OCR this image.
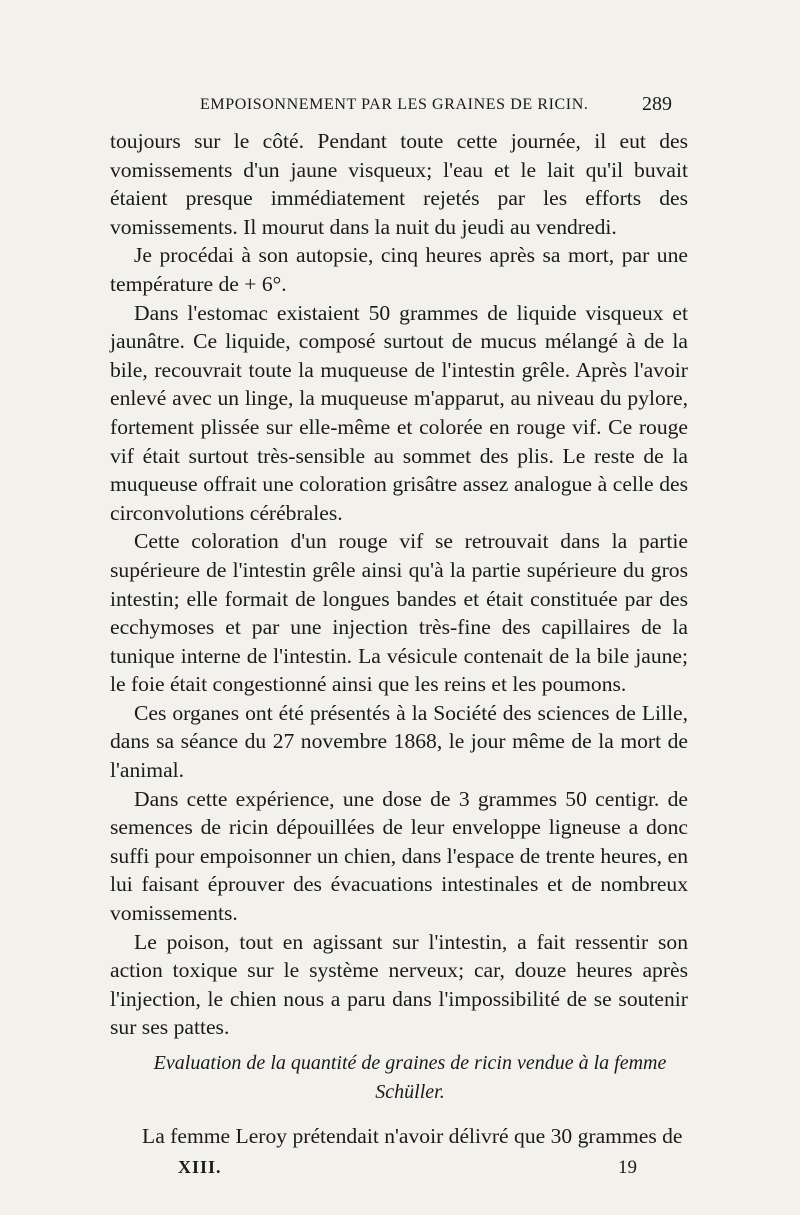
EMPOISONNEMENT PAR LES GRAINES DE RICIN.	289

toujours sur le côté. Pendant toute cette journée, il eut des vomissements d'un jaune visqueux; l'eau et le lait qu'il buvait étaient presque immédiatement rejetés par les efforts des vomissements. Il mourut dans la nuit du jeudi au vendredi.

Je procédai à son autopsie, cinq heures après sa mort, par une température de + 6°.

Dans l'estomac existaient 50 grammes de liquide visqueux et jaunâtre. Ce liquide, composé surtout de mucus mélangé à de la bile, recouvrait toute la muqueuse de l'intestin grêle. Après l'avoir enlevé avec un linge, la muqueuse m'apparut, au niveau du pylore, fortement plissée sur elle-même et colorée en rouge vif. Ce rouge vif était surtout très-sensible au sommet des plis. Le reste de la muqueuse offrait une coloration grisâtre assez analogue à celle des circonvolutions cérébrales.

Cette coloration d'un rouge vif se retrouvait dans la partie supérieure de l'intestin grêle ainsi qu'à la partie supérieure du gros intestin; elle formait de longues bandes et était constituée par des ecchymoses et par une injection très-fine des capillaires de la tunique interne de l'intestin. La vésicule contenait de la bile jaune; le foie était congestionné ainsi que les reins et les poumons.

Ces organes ont été présentés à la Société des sciences de Lille, dans sa séance du 27 novembre 1868, le jour même de la mort de l'animal.

Dans cette expérience, une dose de 3 grammes 50 centigr. de semences de ricin dépouillées de leur enveloppe ligneuse a donc suffi pour empoisonner un chien, dans l'espace de trente heures, en lui faisant éprouver des évacuations intestinales et de nombreux vomissements.

Le poison, tout en agissant sur l'intestin, a fait ressentir son action toxique sur le système nerveux; car, douze heures après l'injection, le chien nous a paru dans l'impossibilité de se soutenir sur ses pattes.

Evaluation de la quantité de graines de ricin vendue à la femme Schüller.
La femme Leroy prétendait n'avoir délivré que 30 grammes de
XIII.	19
